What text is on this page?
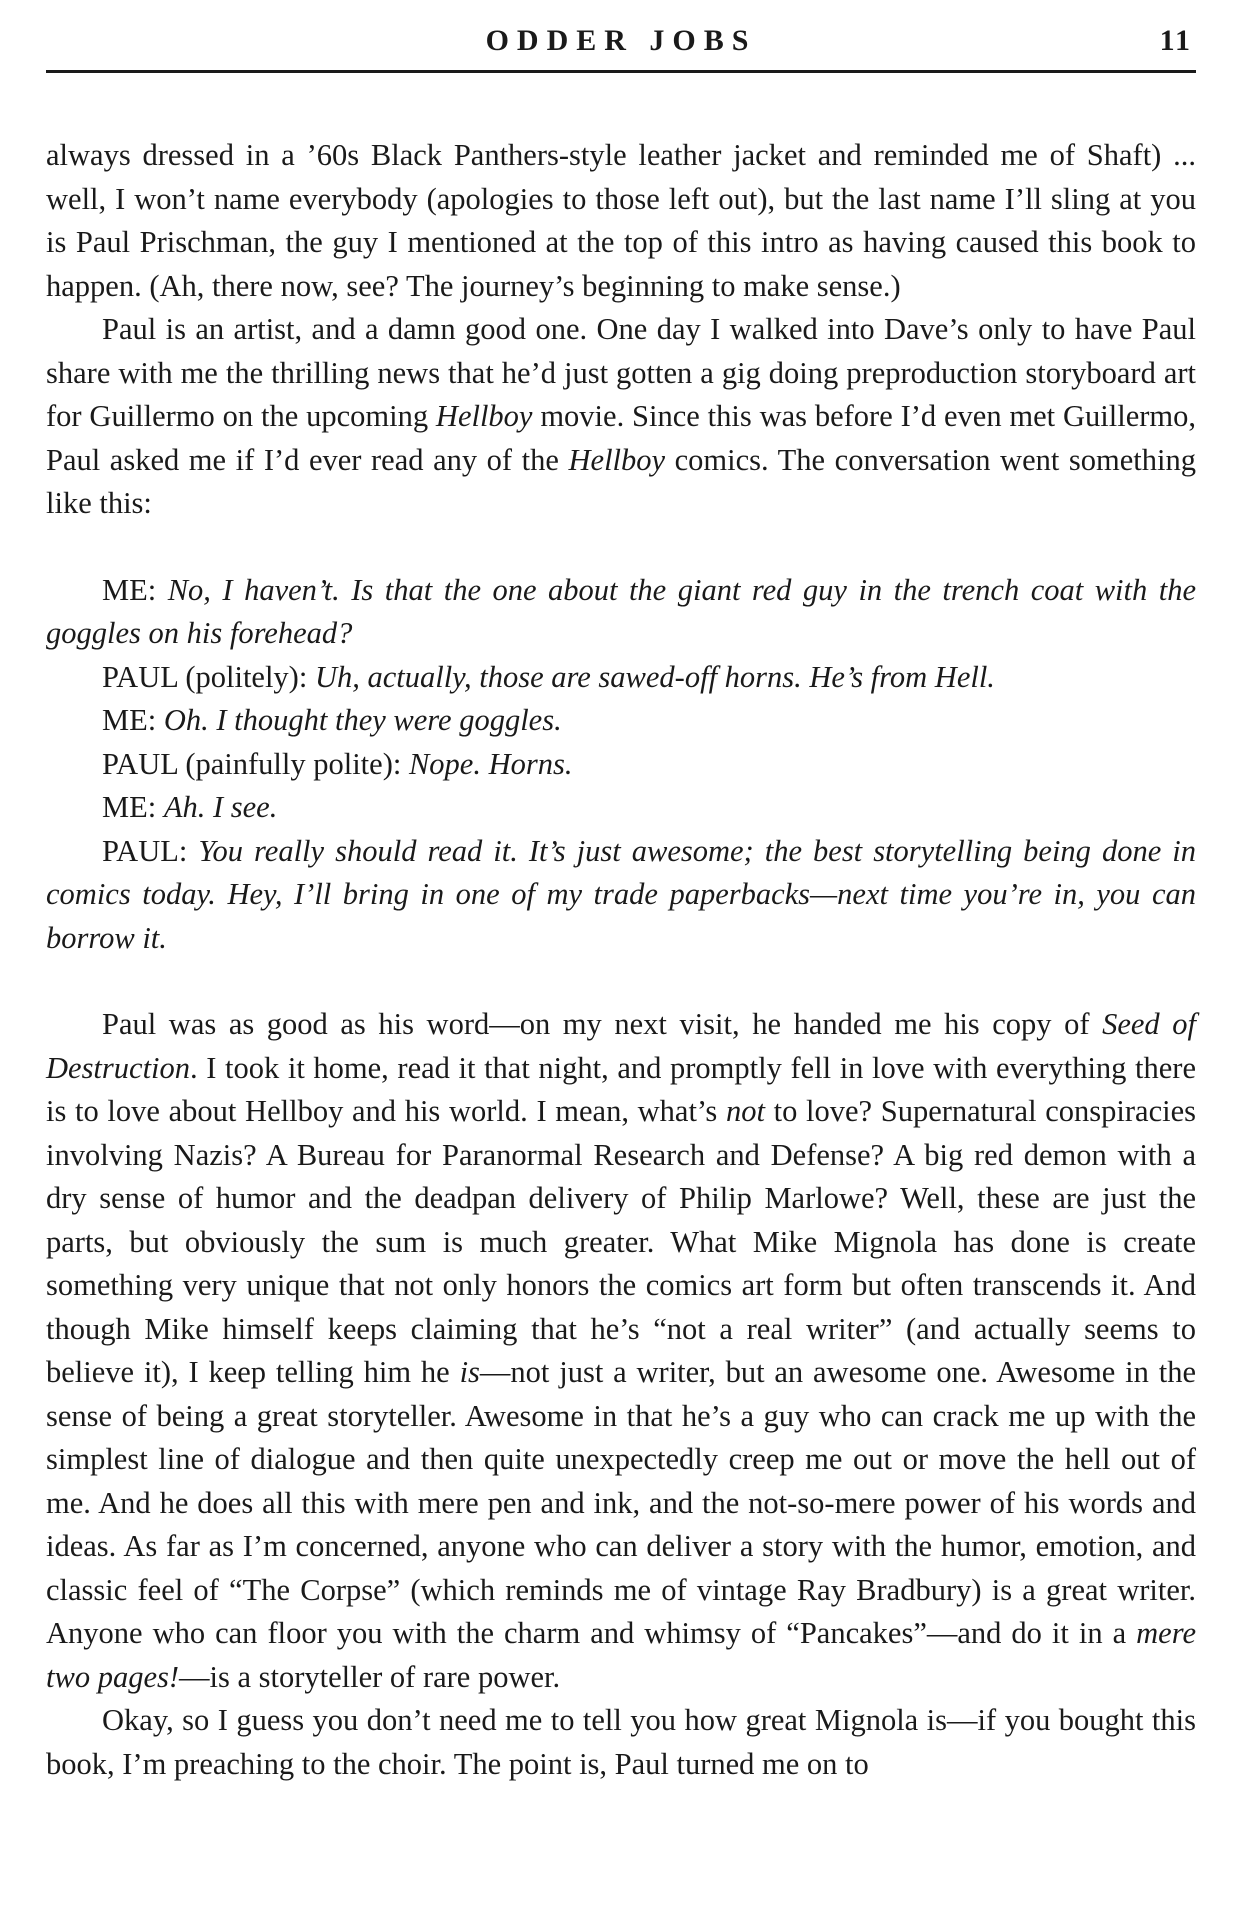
ODDER JOBS	11

always dressed in a ’60s Black Panthers-style leather jacket and reminded me of Shaft) ... well, I won’t name everybody (apologies to those left out), but the last name I’ll sling at you is Paul Prischman, the guy I mentioned at the top of this intro as having caused this book to happen. (Ah, there now, see? The journey’s beginning to make sense.)

Paul is an artist, and a damn good one. One day I walked into Dave’s only to have Paul share with me the thrilling news that he’d just gotten a gig doing preproduction storyboard art for Guillermo on the upcoming Hellboy movie. Since this was before I’d even met Guillermo, Paul asked me if I’d ever read any of the Hellboy comics. The conversation went something like this:

ME: No, I haven’t. Is that the one about the giant red guy in the trench coat with the goggles on his forehead?

PAUL (politely): Uh, actually, those are sawed-off horns. He’s from Hell.

ME: Oh. I thought they were goggles.

PAUL (painfully polite): Nope. Horns.

ME: Ah. I see.

PAUL: You really should read it. It’s just awesome; the best storytelling being done in comics today. Hey, I’ll bring in one of my trade paperbacks—next time you’re in, you can borrow it.

Paul was as good as his word—on my next visit, he handed me his copy of Seed of Destruction. I took it home, read it that night, and promptly fell in love with everything there is to love about Hellboy and his world. I mean, what’s not to love? Supernatural conspiracies involving Nazis? A Bureau for Paranormal Research and Defense? A big red demon with a dry sense of humor and the deadpan delivery of Philip Marlowe? Well, these are just the parts, but obviously the sum is much greater. What Mike Mignola has done is create something very unique that not only honors the comics art form but often transcends it. And though Mike himself keeps claiming that he’s “not a real writer” (and actually seems to believe it), I keep telling him he is—not just a writer, but an awesome one. Awesome in the sense of being a great storyteller. Awesome in that he’s a guy who can crack me up with the simplest line of dialogue and then quite unexpectedly creep me out or move the hell out of me. And he does all this with mere pen and ink, and the not-so-mere power of his words and ideas. As far as I’m concerned, anyone who can deliver a story with the humor, emotion, and classic feel of “The Corpse” (which reminds me of vintage Ray Bradbury) is a great writer. Anyone who can floor you with the charm and whimsy of “Pancakes”—and do it in a mere two pages!—is a storyteller of rare power.

Okay, so I guess you don’t need me to tell you how great Mignola is—if you bought this book, I’m preaching to the choir. The point is, Paul turned me on to
